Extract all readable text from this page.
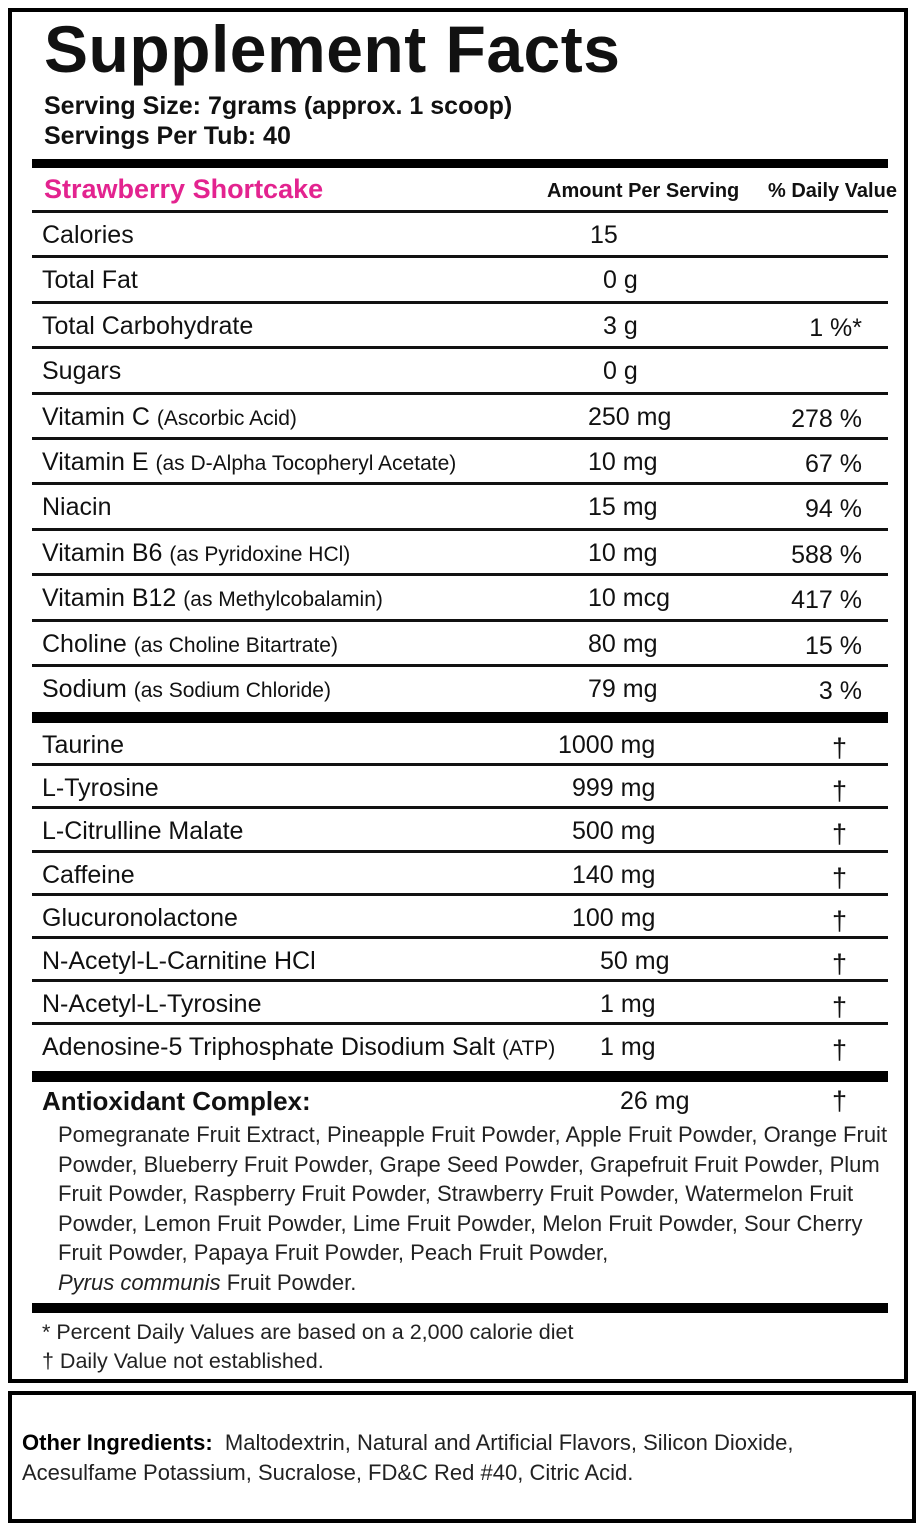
Supplement Facts
Serving Size: 7grams (approx. 1 scoop)
Servings Per Tub: 40
Strawberry Shortcake	Amount Per Serving % Daily Value
Calories	15
Total Fat	0 g
Total Carbohydrate	3 g	1 %*
Sugars	0 g
Vitamin C (Ascorbic Acid)	250 mg	278 %
Vitamin E (as D-Alpha Tocopheryl Acetate)	10 mg	67 %
Niacin	15 mg	94 %
Vitamin B6 (as Pyridoxine HCl)	10 mg	588 %
Vitamin B12 (as Methylcobalamin)	10 mcg	417 %
Choline (as Choline Bitartrate)	80 mg	15 %
Sodium (as Sodium Chloride)	79 mg	3 %
Taurine	1000 mg	†
L-Tyrosine	999 mg	†
L-Citrulline Malate	500 mg	†
Caffeine	140 mg	†
Glucuronolactone	100 mg	†
N-Acetyl-L-Carnitine HCl	50 mg	†
N-Acetyl-L-Tyrosine	1 mg	†
Adenosine-5 Triphosphate Disodium Salt (ATP) 1 mg	†
Antioxidant Complex:	26 mg	†
Pomegranate Fruit Extract, Pineapple Fruit Powder, Apple Fruit Powder, Orange Fruit Powder, Blueberry Fruit Powder, Grape Seed Powder, Grapefruit Fruit Powder, Plum Fruit Powder, Raspberry Fruit Powder, Strawberry Fruit Powder, Watermelon Fruit Powder, Lemon Fruit Powder, Lime Fruit Powder, Melon Fruit Powder, Sour Cherry Fruit Powder, Papaya Fruit Powder, Peach Fruit Powder,
Pyrus communis Fruit Powder.
* Percent Daily Values are based on a 2,000 calorie diet
† Daily Value not established.
Other Ingredients: Maltodextrin, Natural and Artificial Flavors, Silicon Dioxide, Acesulfame Potassium, Sucralose, FD&C Red #40, Citric Acid.
